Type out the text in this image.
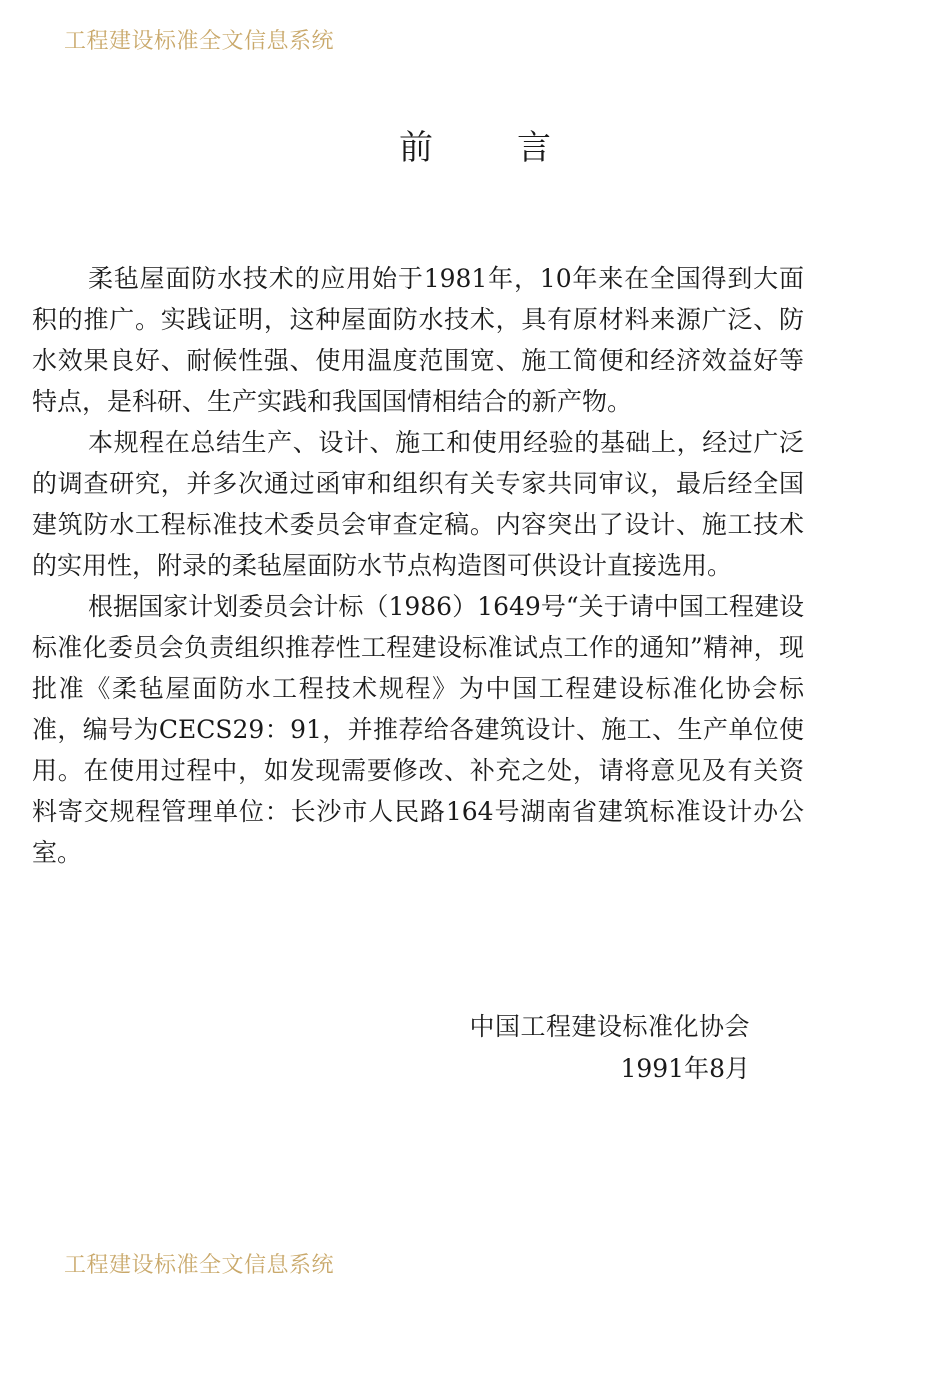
工程建设标准全文信息系统
前 言

柔毡屋面防水技术的应用始于1981年，10年来在全国得到大面积的推广。实践证明，这种屋面防水技术，具有原材料来源广泛、防水效果良好、耐候性强、使用温度范围宽、施工简便和经济效益好等特点，是科研、生产实践和我国国情相结合的新产物。

本规程在总结生产、设计、施工和使用经验的基础上，经过广泛的调查研究，并多次通过函审和组织有关专家共同审议，最后经全国建筑防水工程标准技术委员会审查定稿。内容突出了设计、施工技术的实用性，附录的柔毡屋面防水节点构造图可供设计直接选用。

根据国家计划委员会计标（1986）1649号“关于请中国工程建设标准化委员会负责组织推荐性工程建设标准试点工作的通知”精神，现批准《柔毡屋面防水工程技术规程》为中国工程建设标准化协会标准，编号为CECS29：91，并推荐给各建筑设计、施工、生产单位使用。在使用过程中，如发现需要修改、补充之处，请将意见及有关资料寄交规程管理单位：长沙市人民路164号湖南省建筑标准设计办公室。

中国工程建设标准化协会
1991年8月
工程建设标准全文信息系统
